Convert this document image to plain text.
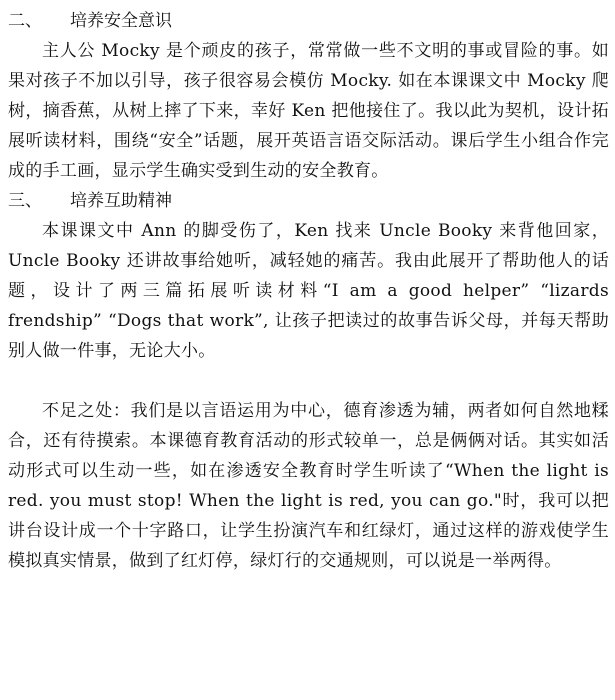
二、 培养安全意识

主人公 Mocky 是个顽皮的孩子，常常做一些不文明的事或冒险的事。如果对孩子不加以引导，孩子很容易会模仿 Mocky. 如在本课课文中 Mocky 爬树，摘香蕉，从树上摔了下来，幸好 Ken 把他接住了。我以此为契机，设计拓展听读材料，围绕“安全”话题，展开英语言语交际活动。课后学生小组合作完成的手工画，显示学生确实受到生动的安全教育。

三、 培养互助精神

本课课文中 Ann 的脚受伤了，Ken 找来 Uncle Booky 来背他回家，Uncle Booky 还讲故事给她听，减轻她的痛苦。我由此展开了帮助他人的话题，设计了两三篇拓展听读材料“I am a good helper” “lizards frendship” “Dogs that work”, 让孩子把读过的故事告诉父母，并每天帮助别人做一件事，无论大小。

不足之处：我们是以言语运用为中心，德育渗透为辅，两者如何自然地糅合，还有待摸索。本课德育教育活动的形式较单一，总是俩俩对话。其实如活动形式可以生动一些，如在渗透安全教育时学生听读了“When the light is red. you must stop! When the light is red, you can go."时，我可以把讲台设计成一个十字路口，让学生扮演汽车和红绿灯，通过这样的游戏使学生模拟真实情景，做到了红灯停，绿灯行的交通规则，可以说是一举两得。
